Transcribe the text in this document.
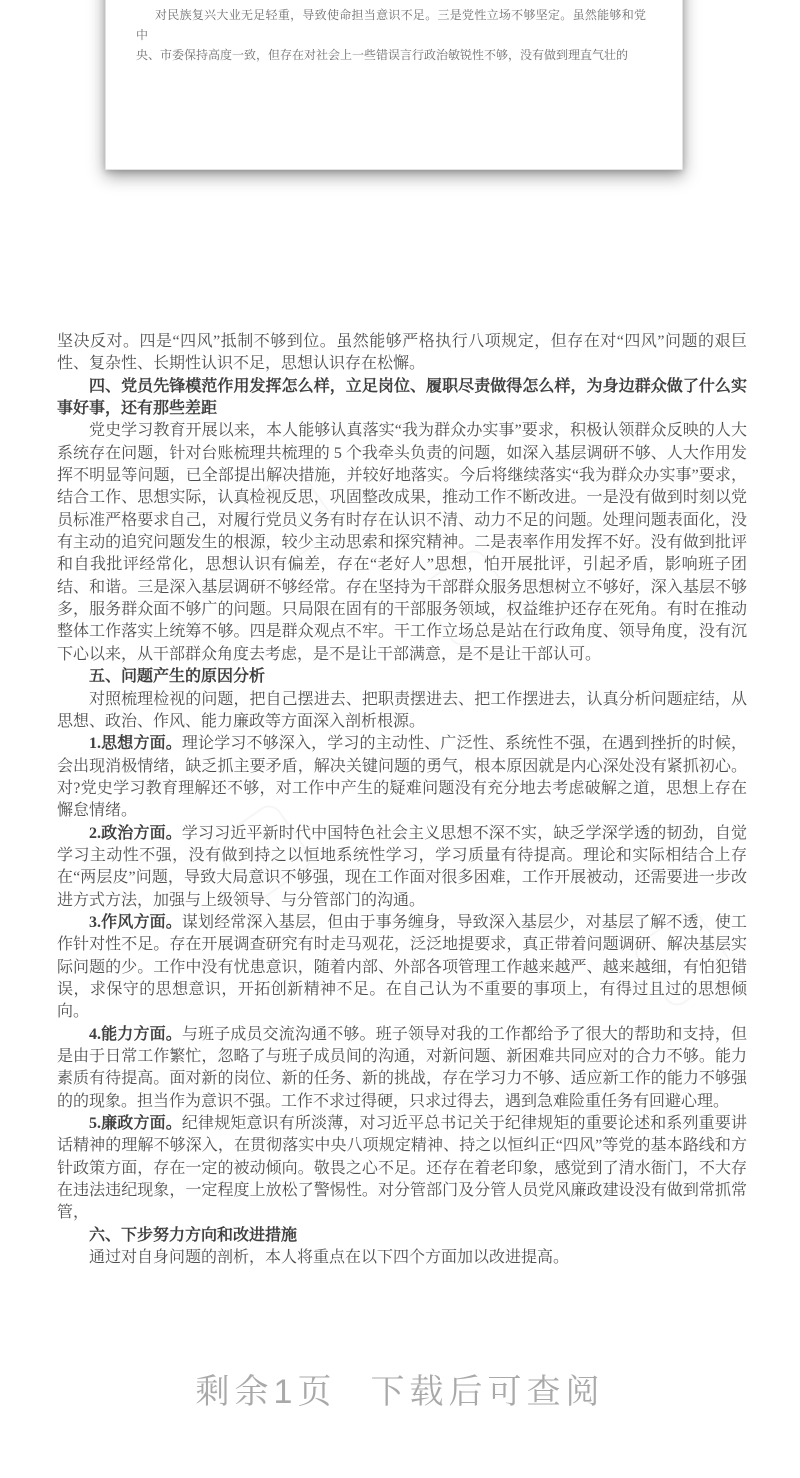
对民族复兴大业无足轻重，导致使命担当意识不足。三是党性立场不够坚定。虽然能够和党中
央、市委保持高度一致，但存在对社会上一些错误言行政治敏锐性不够，没有做到理直气壮的

坚决反对。四是“四风”抵制不够到位。虽然能够严格执行八项规定，但存在对“四风”问题的艰巨性、复杂性、长期性认识不足，思想认识存在松懈。

四、党员先锋模范作用发挥怎么样，立足岗位、履职尽责做得怎么样，为身边群众做了什么实事好事，还有那些差距

党史学习教育开展以来，本人能够认真落实“我为群众办实事”要求，积极认领群众反映的人大系统存在问题，针对台账梳理共梳理的 5 个我牵头负责的问题，如深入基层调研不够、人大作用发挥不明显等问题，已全部提出解决措施，并较好地落实。今后将继续落实“我为群众办实事”要求，结合工作、思想实际，认真检视反思，巩固整改成果，推动工作不断改进。一是没有做到时刻以党员标准严格要求自己，对履行党员义务有时存在认识不清、动力不足的问题。处理问题表面化，没有主动的追究问题发生的根源，较少主动思索和探究精神。二是表率作用发挥不好。没有做到批评和自我批评经常化，思想认识有偏差，存在“老好人”思想，怕开展批评，引起矛盾，影响班子团结、和谐。三是深入基层调研不够经常。存在坚持为干部群众服务思想树立不够好，深入基层不够多，服务群众面不够广的问题。只局限在固有的干部服务领域，权益维护还存在死角。有时在推动整体工作落实上统筹不够。四是群众观点不牢。干工作立场总是站在行政角度、领导角度，没有沉下心以来，从干部群众角度去考虑，是不是让干部满意，是不是让干部认可。

五、问题产生的原因分析

对照梳理检视的问题，把自己摆进去、把职责摆进去、把工作摆进去，认真分析问题症结，从思想、政治、作风、能力廉政等方面深入剖析根源。

1.思想方面。理论学习不够深入，学习的主动性、广泛性、系统性不强，在遇到挫折的时候，会出现消极情绪，缺乏抓主要矛盾，解决关键问题的勇气，根本原因就是内心深处没有紧抓初心。对?党史学习教育理解还不够，对工作中产生的疑难问题没有充分地去考虑破解之道，思想上存在懈怠情绪。

2.政治方面。学习习近平新时代中国特色社会主义思想不深不实，缺乏学深学透的韧劲，自觉学习主动性不强，没有做到持之以恒地系统性学习，学习质量有待提高。理论和实际相结合上存在“两层皮”问题，导致大局意识不够强，现在工作面对很多困难，工作开展被动，还需要进一步改进方式方法，加强与上级领导、与分管部门的沟通。

3.作风方面。谋划经常深入基层，但由于事务缠身，导致深入基层少，对基层了解不透，使工作针对性不足。存在开展调查研究有时走马观花，泛泛地提要求，真正带着问题调研、解决基层实际问题的少。工作中没有忧患意识，随着内部、外部各项管理工作越来越严、越来越细，有怕犯错误，求保守的思想意识，开拓创新精神不足。在自己认为不重要的事项上，有得过且过的思想倾向。

4.能力方面。与班子成员交流沟通不够。班子领导对我的工作都给予了很大的帮助和支持，但是由于日常工作繁忙，忽略了与班子成员间的沟通，对新问题、新困难共同应对的合力不够。能力素质有待提高。面对新的岗位、新的任务、新的挑战，存在学习力不够、适应新工作的能力不够强的的现象。担当作为意识不强。工作不求过得硬，只求过得去，遇到急难险重任务有回避心理。

5.廉政方面。纪律规矩意识有所淡薄，对习近平总书记关于纪律规矩的重要论述和系列重要讲话精神的理解不够深入，在贯彻落实中央八项规定精神、持之以恒纠正“四风”等党的基本路线和方针政策方面，存在一定的被动倾向。敬畏之心不足。还存在着老印象，感觉到了清水衙门，不大存在违法违纪现象，一定程度上放松了警惕性。对分管部门及分管人员党风廉政建设没有做到常抓常管，

六、下步努力方向和改进措施

通过对自身问题的剖析，本人将重点在以下四个方面加以改进提高。

剩余1页 下载后可查阅
